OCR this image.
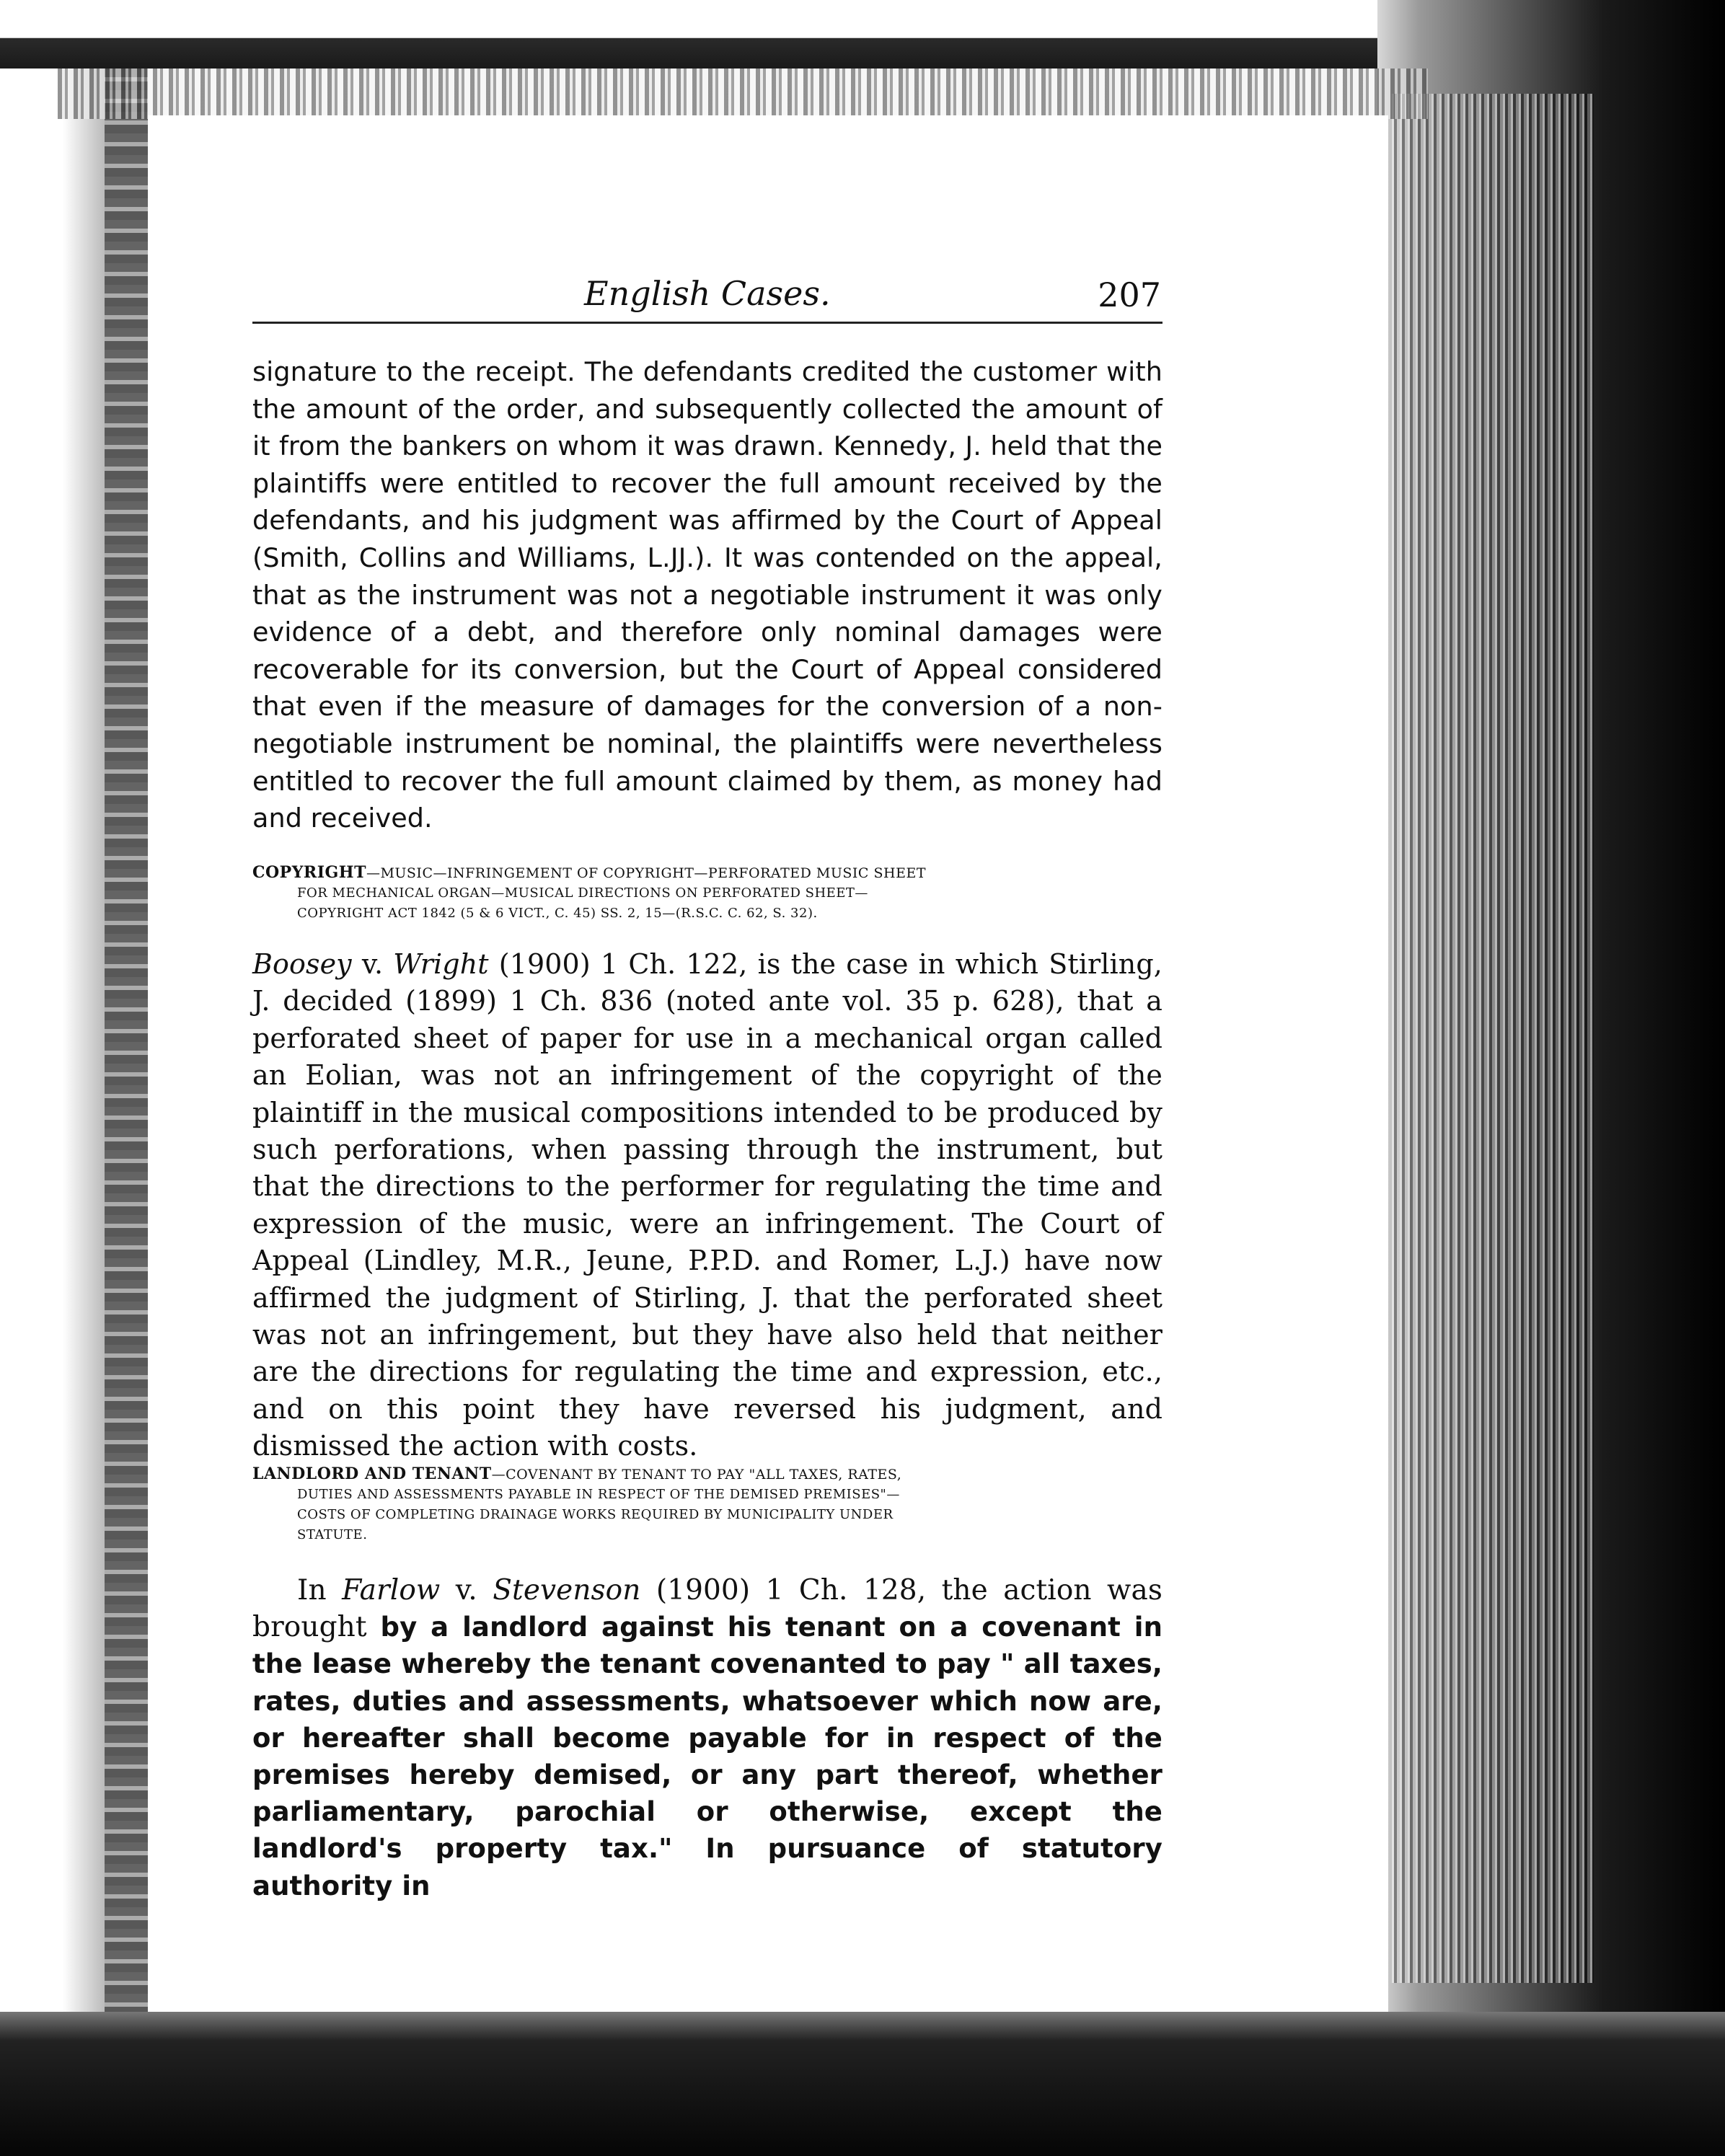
English Cases.	207

signature to the receipt. The defendants credited the customer with the amount of the order, and subsequently collected the amount of it from the bankers on whom it was drawn. Kennedy, J. held that the plaintiffs were entitled to recover the full amount received by the defendants, and his judgment was affirmed by the Court of Appeal (Smith, Collins and Williams, L.JJ.). It was contended on the appeal, that as the instrument was not a negotiable instrument it was only evidence of a debt, and therefore only nominal damages were recoverable for its conversion, but the Court of Appeal considered that even if the measure of damages for the conversion of a non-negotiable instrument be nominal, the plaintiffs were nevertheless entitled to recover the full amount claimed by them, as money had and received.

COPYRIGHT—MUSIC—INFRINGEMENT OF COPYRIGHT—PERFORATED MUSIC SHEET
FOR MECHANICAL ORGAN—MUSICAL DIRECTIONS ON PERFORATED SHEET—
COPYRIGHT ACT 1842 (5 & 6 VICT., C. 45) SS. 2, 15—(R.S.C. C. 62, S. 32).

Boosey v. Wright (1900) 1 Ch. 122, is the case in which Stirling, J. decided (1899) 1 Ch. 836 (noted ante vol. 35 p. 628), that a perforated sheet of paper for use in a mechanical organ called an Eolian, was not an infringement of the copyright of the plaintiff in the musical compositions intended to be produced by such perforations, when passing through the instrument, but that the directions to the performer for regulating the time and expression of the music, were an infringement. The Court of Appeal (Lindley, M.R., Jeune, P.P.D. and Romer, L.J.) have now affirmed the judgment of Stirling, J. that the perforated sheet was not an infringement, but they have also held that neither are the directions for regulating the time and expression, etc., and on this point they have reversed his judgment, and dismissed the action with costs.

LANDLORD AND TENANT—COVENANT BY TENANT TO PAY "ALL TAXES, RATES,
DUTIES AND ASSESSMENTS PAYABLE IN RESPECT OF THE DEMISED PREMISES"—
COSTS OF COMPLETING DRAINAGE WORKS REQUIRED BY MUNICIPALITY UNDER
STATUTE.

In Farlow v. Stevenson (1900) 1 Ch. 128, the action was brought by a landlord against his tenant on a covenant in the lease whereby the tenant covenanted to pay " all taxes, rates, duties and assessments, whatsoever which now are, or hereafter shall become payable for in respect of the premises hereby demised, or any part thereof, whether parliamentary, parochial or otherwise, except the landlord's property tax." In pursuance of statutory authority in
